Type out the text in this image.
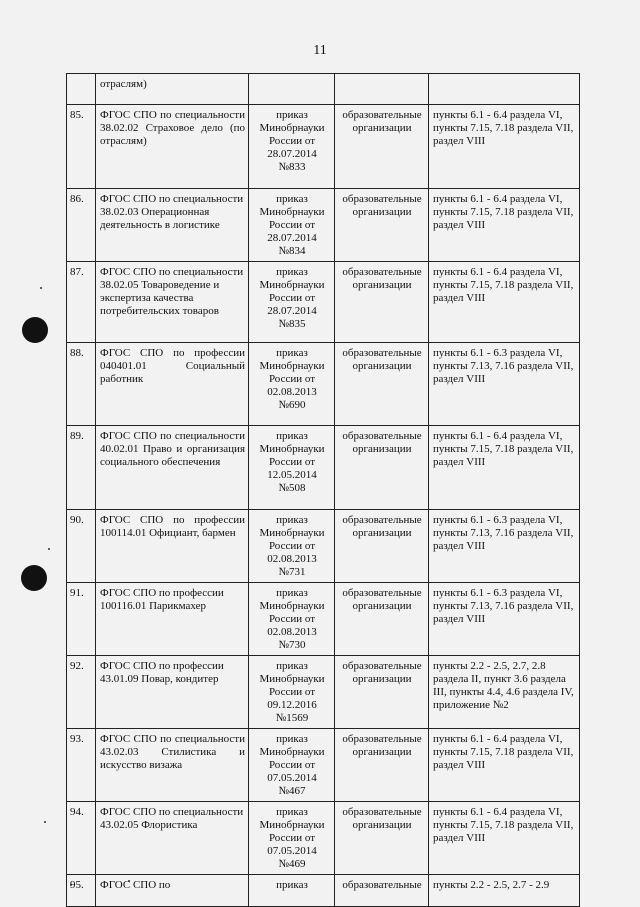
11
	отраслям)			
85.	ФГОС СПО по специальности 38.02.02 Страховое дело (по отраслям)	приказ Минобрнауки России от 28.07.2014 №833	образовательные организации	пункты 6.1 - 6.4 раздела VI, пункты 7.15, 7.18 раздела VII, раздел VIII
86.	ФГОС СПО по специальности 38.02.03 Операционная деятельность в логистике	приказ Минобрнауки России от 28.07.2014 №834	образовательные организации	пункты 6.1 - 6.4 раздела VI, пункты 7.15, 7.18 раздела VII, раздел VIII
87.	ФГОС СПО по специальности 38.02.05 Товароведение и экспертиза качества потребительских товаров	приказ Минобрнауки России от 28.07.2014 №835	образовательные организации	пункты 6.1 - 6.4 раздела VI, пункты 7.15, 7.18 раздела VII, раздел VIII
88.	ФГОС СПО по профессии 040401.01 Социальный работник	приказ Минобрнауки России от 02.08.2013 №690	образовательные организации	пункты 6.1 - 6.3 раздела VI, пункты 7.13, 7.16 раздела VII, раздел VIII
89.	ФГОС СПО по специальности 40.02.01 Право и организация социального обеспечения	приказ Минобрнауки России от 12.05.2014 №508	образовательные организации	пункты 6.1 - 6.4 раздела VI, пункты 7.15, 7.18 раздела VII, раздел VIII
90.	ФГОС СПО по профессии 100114.01 Официант, бармен	приказ Минобрнауки России от 02.08.2013 №731	образовательные организации	пункты 6.1 - 6.3 раздела VI, пункты 7.13, 7.16 раздела VII, раздел VIII
91.	ФГОС СПО по профессии 100116.01 Парикмахер	приказ Минобрнауки России от 02.08.2013 №730	образовательные организации	пункты 6.1 - 6.3 раздела VI, пункты 7.13, 7.16 раздела VII, раздел VIII
92.	ФГОС СПО по профессии 43.01.09 Повар, кондитер	приказ Минобрнауки России от 09.12.2016 №1569	образовательные организации	пункты 2.2 - 2.5, 2.7, 2.8 раздела II, пункт 3.6 раздела III, пункты 4.4, 4.6 раздела IV, приложение №2
93.	ФГОС СПО по специальности 43.02.03 Стилистика и искусство визажа	приказ Минобрнауки России от 07.05.2014 №467	образовательные организации	пункты 6.1 - 6.4 раздела VI, пункты 7.15, 7.18 раздела VII, раздел VIII
94.	ФГОС СПО по специальности 43.02.05 Флористика	приказ Минобрнауки России от 07.05.2014 №469	образовательные организации	пункты 6.1 - 6.4 раздела VI, пункты 7.15, 7.18 раздела VII, раздел VIII
95.	ФГОС СПО по	приказ	образовательные	пункты 2.2 - 2.5, 2.7 - 2.9
